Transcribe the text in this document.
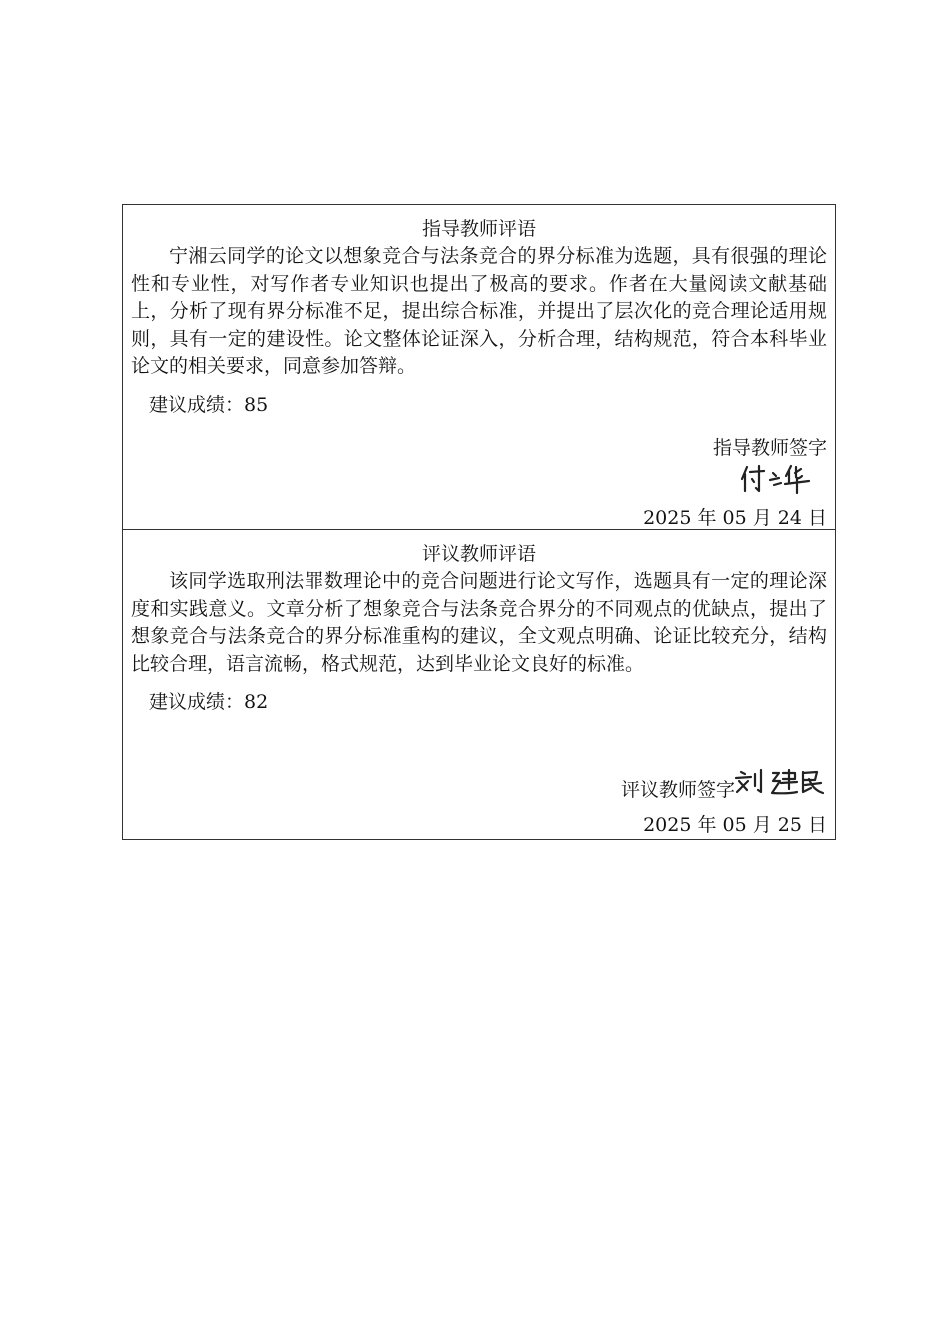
指导教师评语

宁湘云同学的论文以想象竞合与法条竞合的界分标准为选题，具有很强的理论性和专业性，对写作者专业知识也提出了极高的要求。作者在大量阅读文献基础上，分析了现有界分标准不足，提出综合标准，并提出了层次化的竞合理论适用规则，具有一定的建设性。论文整体论证深入，分析合理，结构规范，符合本科毕业论文的相关要求，同意参加答辩。

建议成绩：85
指导教师签字
2025 年 05 月 24 日
评议教师评语

该同学选取刑法罪数理论中的竞合问题进行论文写作，选题具有一定的理论深度和实践意义。文章分析了想象竞合与法条竞合界分的不同观点的优缺点，提出了想象竞合与法条竞合的界分标准重构的建议，全文观点明确、论证比较充分，结构比较合理，语言流畅，格式规范，达到毕业论文良好的标准。

建议成绩：82
评议教师签字
2025 年 05 月 25 日
